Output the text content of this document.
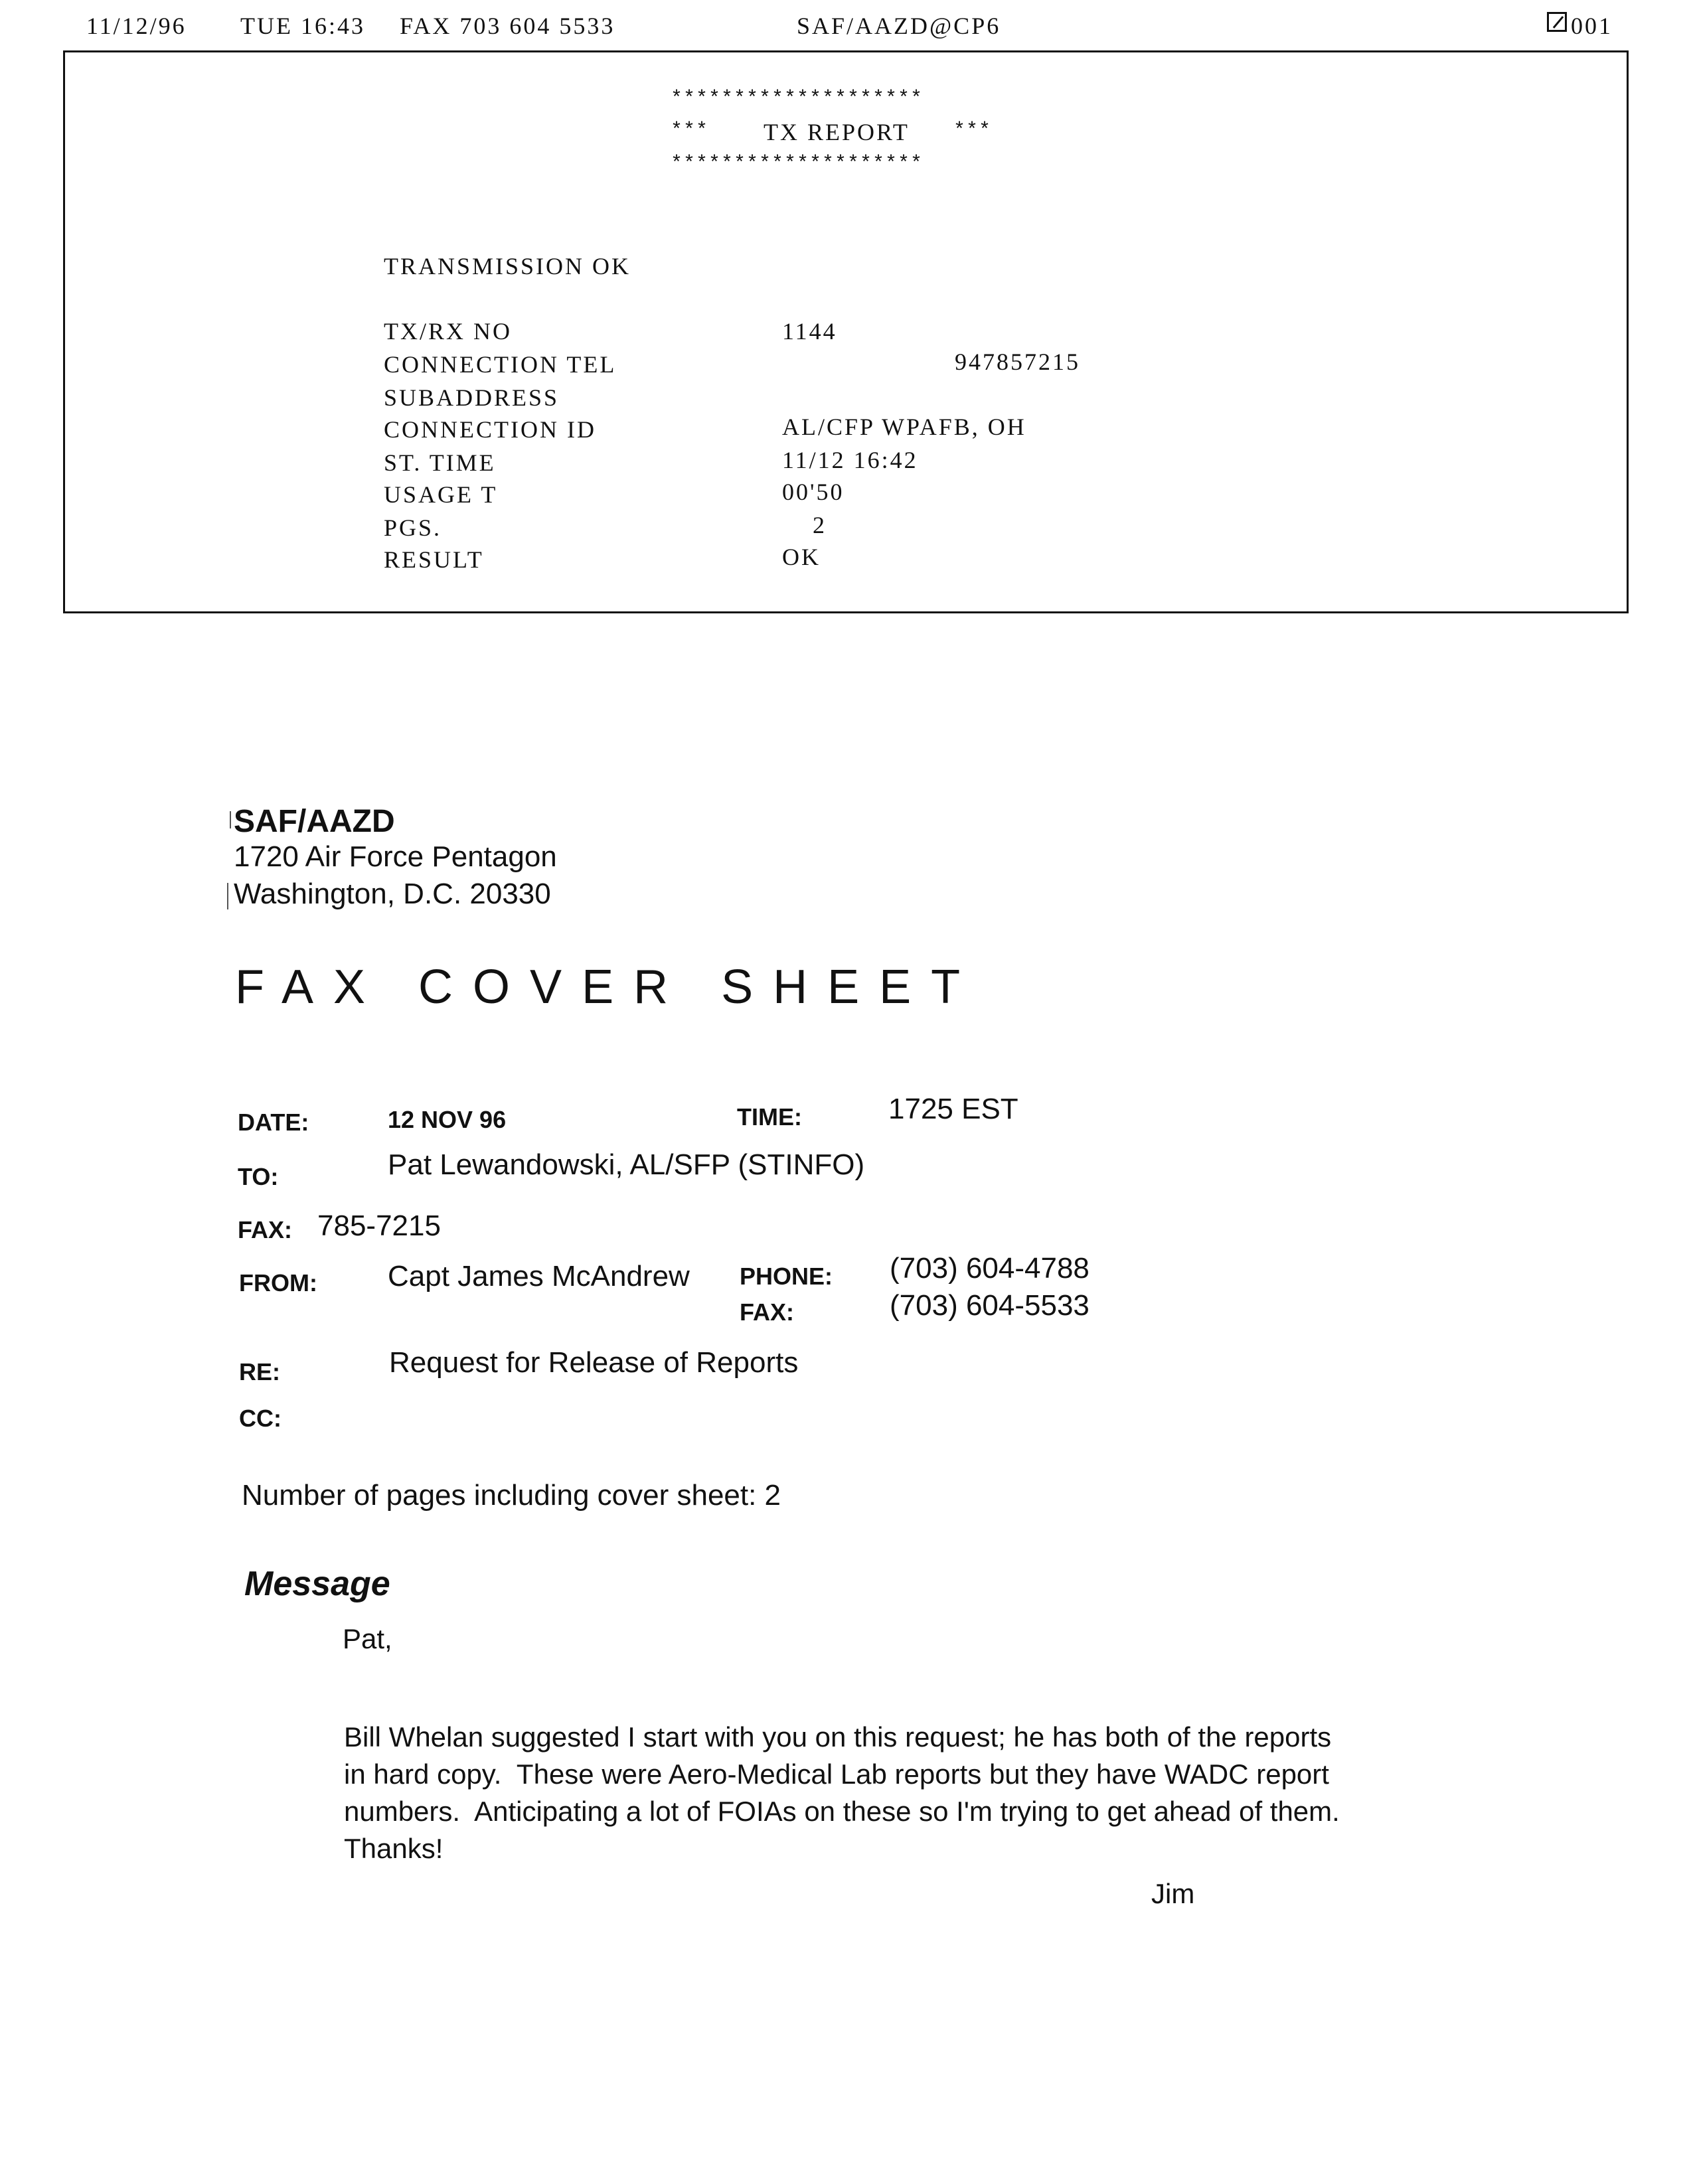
11/12/96 TUE 16:43 FAX 703 604 5533	SAF/AAZD@CP6	001
********************
*** TX REPORT ***
********************
TRANSMISSION OK
TX/RX NO	1144
CONNECTION TEL	947857215
SUBADDRESS
CONNECTION ID	AL/CFP WPAFB, OH
ST. TIME	11/12 16:42
USAGE T	00'50
PGS.	2
RESULT	OK
SAF/AAZD
1720 Air Force Pentagon
Washington, D.C. 20330
FAX COVER SHEET
DATE:	12 NOV 96	TIME:	1725 EST
TO:	Pat Lewandowski, AL/SFP (STINFO)
FAX: 785-7215
FROM: Capt James McAndrew PHONE: (703) 604-4788
FAX:	(703) 604-5533
RE:	Request for Release of Reports
CC:
Number of pages including cover sheet: 2
Message
Pat,
Bill Whelan suggested I start with you on this request; he has both of the reports
in hard copy.  These were Aero-Medical Lab reports but they have WADC report
numbers.  Anticipating a lot of FOIAs on these so I'm trying to get ahead of them.
Thanks!
Jim
